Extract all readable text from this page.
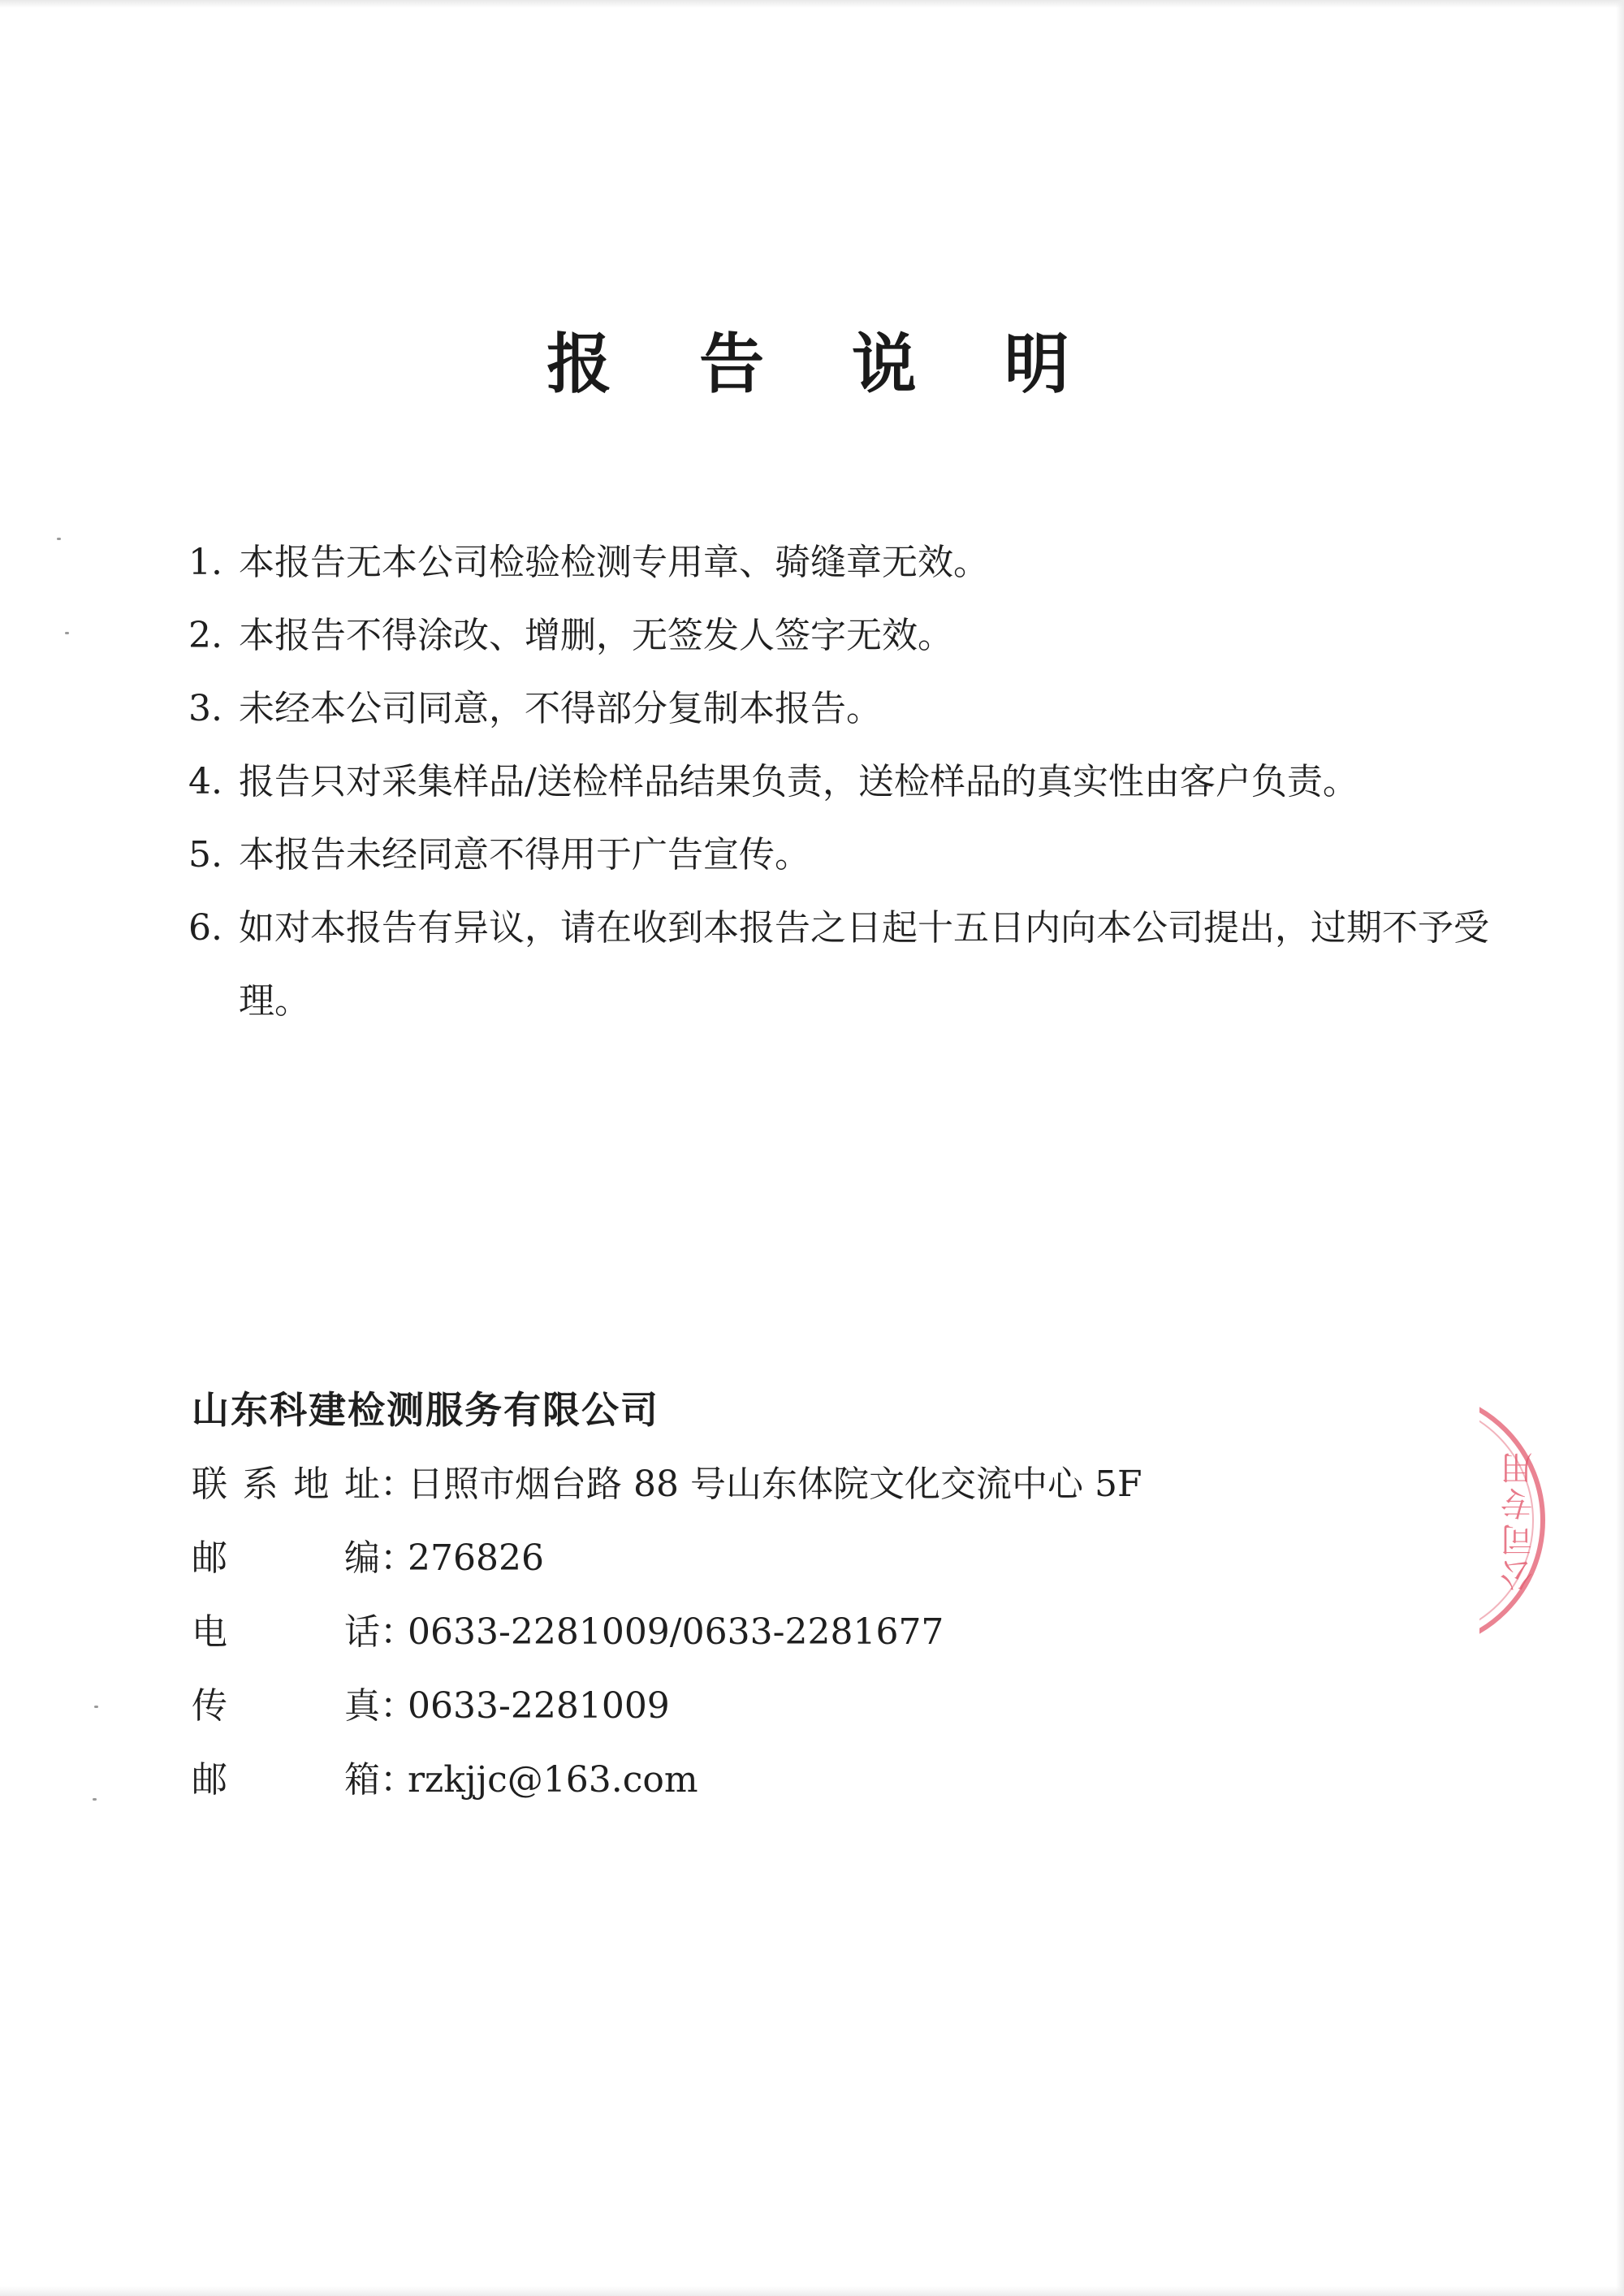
报 告 说 明
1. 本报告无本公司检验检测专用章、骑缝章无效。
2. 本报告不得涂改、增删，无签发人签字无效。
3. 未经本公司同意，不得部分复制本报告。
4. 报告只对采集样品/送检样品结果负责，送检样品的真实性由客户负责。
5. 本报告未经同意不得用于广告宣传。
6. 如对本报告有异议，请在收到本报告之日起十五日内向本公司提出，过期不予受理。
山东科建检测服务有限公司
联系地址：日照市烟台路 88 号山东体院文化交流中心 5F
邮编：276826
电话：0633-2281009/0633-2281677
传真：0633-2281009
邮箱：rzkjjc@163.com
公司专用
